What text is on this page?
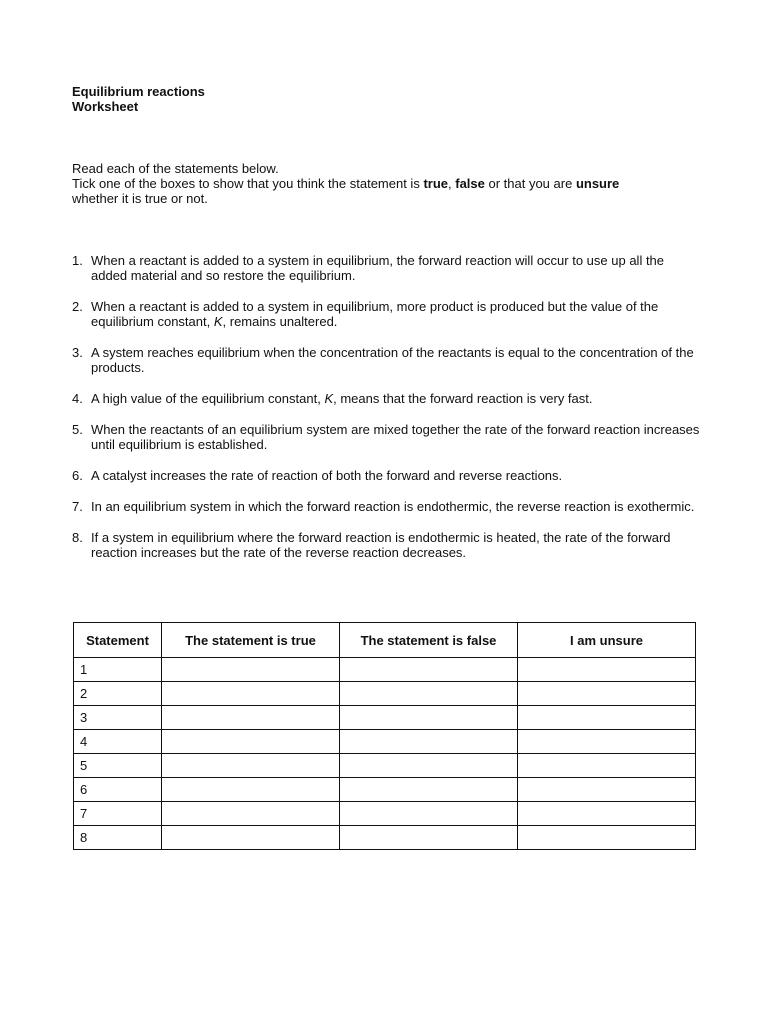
Equilibrium reactions
Worksheet

Read each of the statements below.

Tick one of the boxes to show that you think the statement is true, false or that you are unsure

whether it is true or not.

1. When a reactant is added to a system in equilibrium, the forward reaction will occur to use up all the added material and so restore the equilibrium.
2. When a reactant is added to a system in equilibrium, more product is produced but the value of the equilibrium constant, K, remains unaltered.
3. A system reaches equilibrium when the concentration of the reactants is equal to the concentration of the products.
4. A high value of the equilibrium constant, K, means that the forward reaction is very fast.
5. When the reactants of an equilibrium system are mixed together the rate of the forward reaction increases until equilibrium is established.
6. A catalyst increases the rate of reaction of both the forward and reverse reactions.
7. In an equilibrium system in which the forward reaction is endothermic, the reverse reaction is exothermic.
8. If a system in equilibrium where the forward reaction is endothermic is heated, the rate of the forward reaction increases but the rate of the reverse reaction decreases.
Statement	The statement is true	The statement is false	I am unsure
1			
2			
3			
4			
5			
6			
7			
8			
